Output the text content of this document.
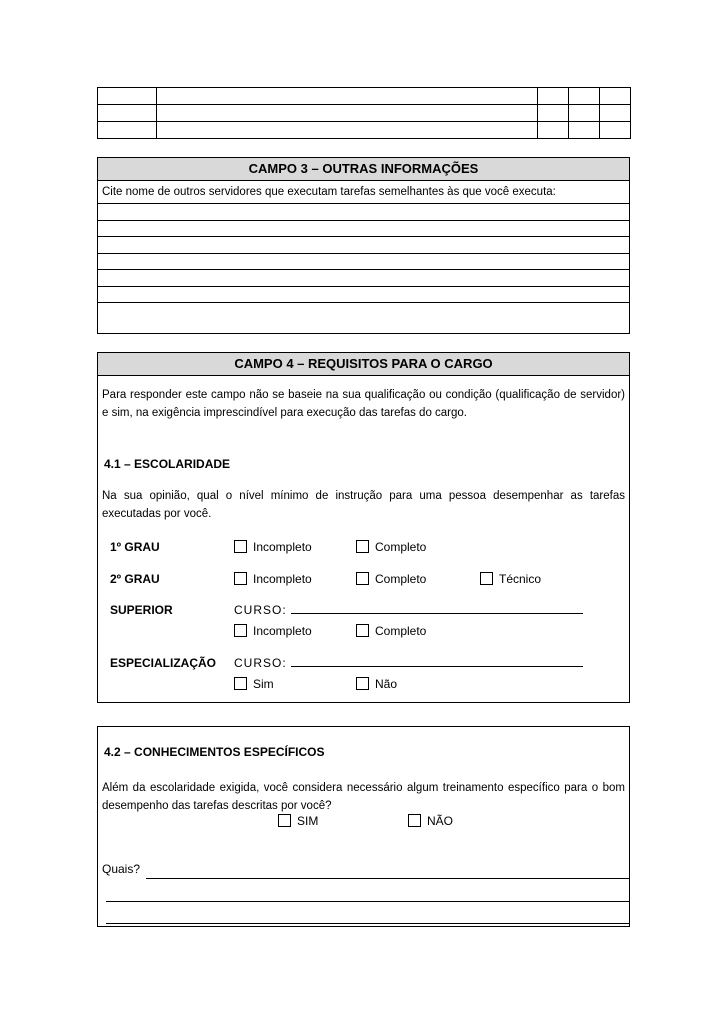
CAMPO 3 – OUTRAS INFORMAÇÕES
Cite nome de outros servidores que executam tarefas semelhantes às que você executa:
CAMPO 4 – REQUISITOS PARA O CARGO
Para responder este campo não se baseie na sua qualificação ou condição (qualificação de servidor) e sim, na exigência imprescindível para execução das tarefas do cargo.
4.1 – ESCOLARIDADE
Na sua opinião, qual o nível mínimo de instrução para uma pessoa desempenhar as tarefas executadas por você.
1º GRAU	Incompleto	Completo
2º GRAU	Incompleto	Completo	Técnico
SUPERIOR	CURSO:
Incompleto	Completo
ESPECIALIZAÇÃO CURSO:
Sim	Não
4.2 – CONHECIMENTOS ESPECÍFICOS
Além da escolaridade exigida, você considera necessário algum treinamento específico para o bom desempenho das tarefas descritas por você?
SIM	NÃO
Quais?
